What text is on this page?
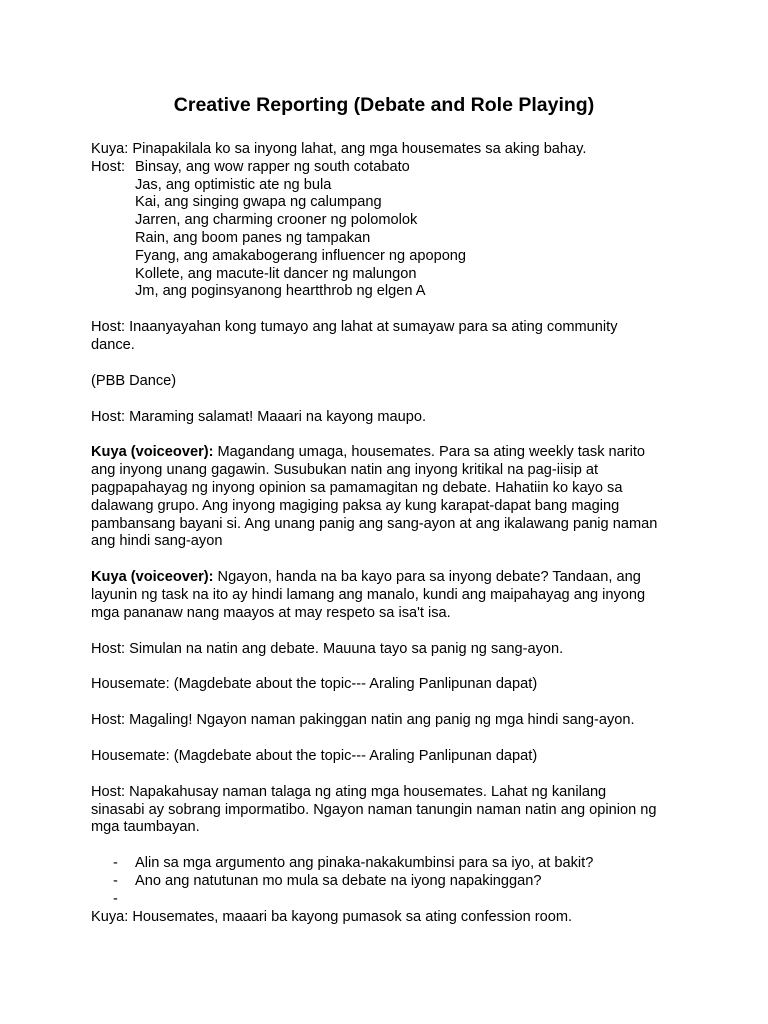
Creative Reporting (Debate and Role Playing)
Kuya: Pinapakilala ko sa inyong lahat, ang mga housemates sa aking bahay.
Host: Binsay, ang wow rapper ng south cotabato
Jas, ang optimistic ate ng bula
Kai, ang singing gwapa ng calumpang
Jarren, ang charming crooner ng polomolok
Rain, ang boom panes ng tampakan
Fyang, ang amakabogerang influencer ng apopong
Kollete, ang macute-lit dancer ng malungon
Jm, ang poginsyanong heartthrob ng elgen A
Host: Inaanyayahan kong tumayo ang lahat at sumayaw para sa ating community
dance.
(PBB Dance)
Host: Maraming salamat! Maaari na kayong maupo.
Kuya (voiceover): Magandang umaga, housemates. Para sa ating weekly task narito
ang inyong unang gagawin. Susubukan natin ang inyong kritikal na pag-iisip at
pagpapahayag ng inyong opinion sa pamamagitan ng debate. Hahatiin ko kayo sa
dalawang grupo. Ang inyong magiging paksa ay kung karapat-dapat bang maging
pambansang bayani si. Ang unang panig ang sang-ayon at ang ikalawang panig naman
ang hindi sang-ayon
Kuya (voiceover): Ngayon, handa na ba kayo para sa inyong debate? Tandaan, ang
layunin ng task na ito ay hindi lamang ang manalo, kundi ang maipahayag ang inyong
mga pananaw nang maayos at may respeto sa isa't isa.
Host: Simulan na natin ang debate. Mauuna tayo sa panig ng sang-ayon.
Housemate: (Magdebate about the topic--- Araling Panlipunan dapat)
Host: Magaling! Ngayon naman pakinggan natin ang panig ng mga hindi sang-ayon.
Housemate: (Magdebate about the topic--- Araling Panlipunan dapat)
Host: Napakahusay naman talaga ng ating mga housemates. Lahat ng kanilang
sinasabi ay sobrang impormatibo. Ngayon naman tanungin naman natin ang opinion ng
mga taumbayan.
-	Alin sa mga argumento ang pinaka-nakakumbinsi para sa iyo, at bakit?
-	Ano ang natutunan mo mula sa debate na iyong napakinggan?
-
Kuya: Housemates, maaari ba kayong pumasok sa ating confession room.
